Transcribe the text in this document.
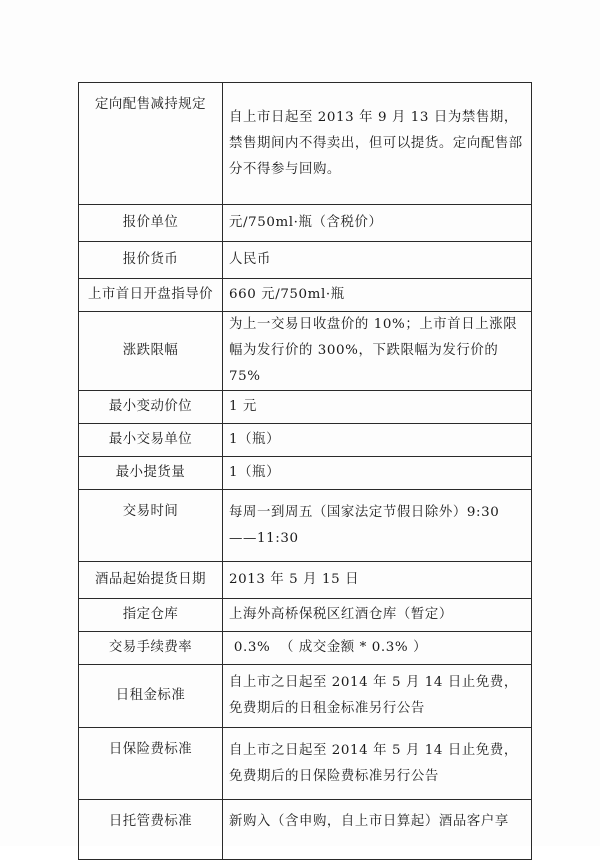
定向配售减持规定	自上市日起至 2013 年 9 月 13 日为禁售期，禁售期间内不得卖出，但可以提货。定向配售部分不得参与回购。
报价单位	元/750ml·瓶（含税价）
报价货币	人民币
上市首日开盘指导价	660 元/750ml·瓶
涨跌限幅	为上一交易日收盘价的 10%；上市首日上涨限幅为发行价的 300%，下跌限幅为发行价的 75%
最小变动价位	1 元
最小交易单位	1（瓶）
最小提货量	1（瓶）
交易时间	每周一到周五（国家法定节假日除外）9:30——11:30
酒品起始提货日期	2013 年 5 月 15 日
指定仓库	上海外高桥保税区红酒仓库（暂定）
交易手续费率	0.3%  （ 成交金额 * 0.3% ）
日租金标准	自上市之日起至 2014 年 5 月 14 日止免费，免费期后的日租金标准另行公告
日保险费标准	自上市之日起至 2014 年 5 月 14 日止免费，免费期后的日保险费标准另行公告
日托管费标准	新购入（含申购，自上市日算起）酒品客户享
